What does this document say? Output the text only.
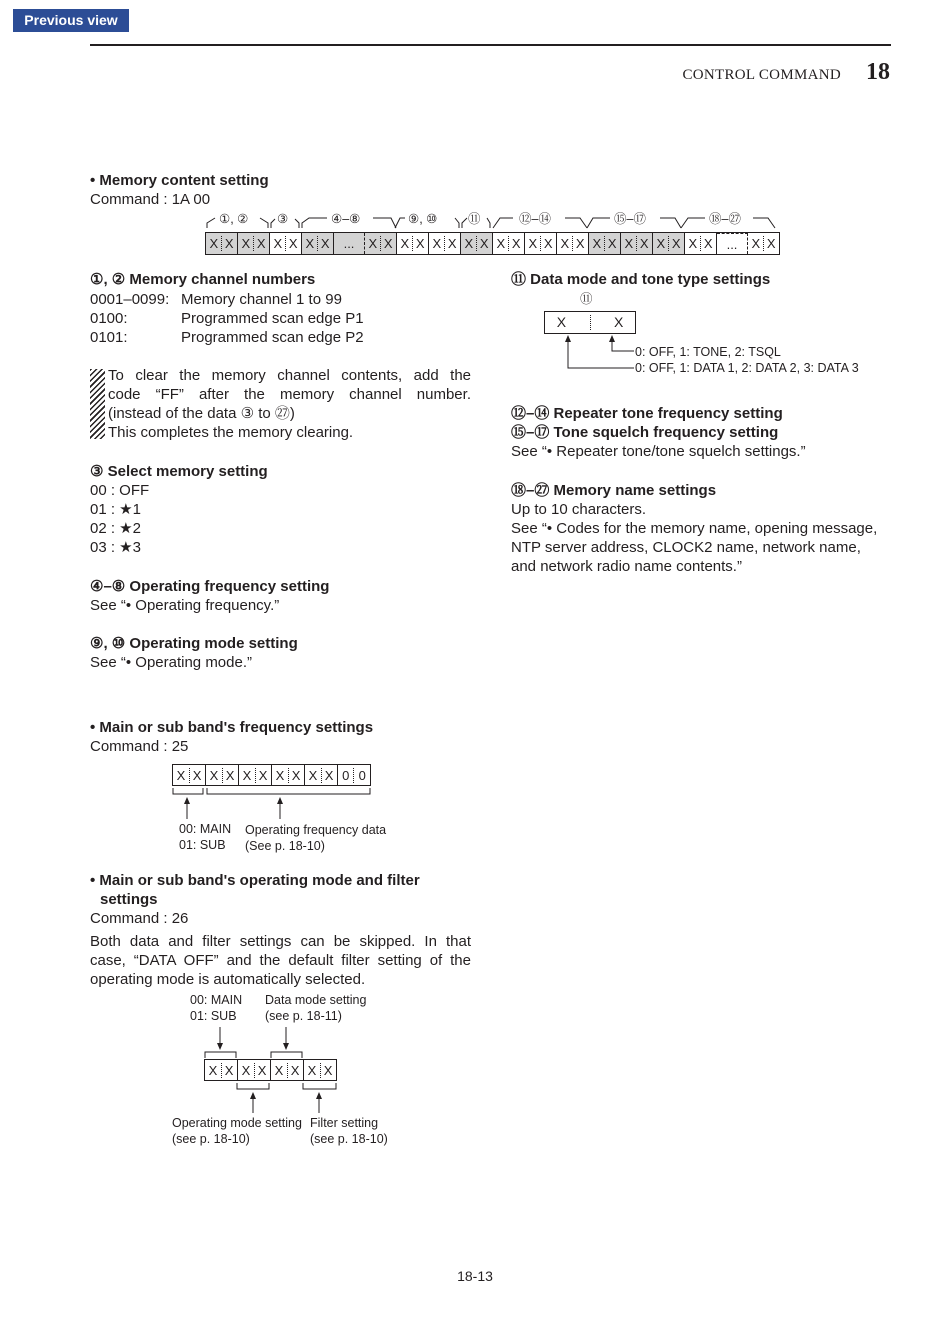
Previous view
CONTROL COMMAND 18
• Memory content setting
Command : 1A 00
①, ② ③	④–⑧	⑨, ⑩ ⑪	⑫–⑭	⑮–⑰	⑱–㉗
X X X X X X X X ... X X X X X X X X X X X X X X X X X X X X X X ... X X
①, ② Memory channel numbers
0001–0099: Memory channel 1 to 99
0100:	Programmed scan edge P1
0101:	Programmed scan edge P2
To clear the memory channel contents, add the
code “FF” after the memory channel number.
(instead of the data ③ to ㉗)
This completes the memory clearing.
③ Select memory setting
00 : OFF
01 : ★1
02 : ★2
03 : ★3
④–⑧ Operating frequency setting
See “• Operating frequency.”
⑨, ⑩ Operating mode setting
See “• Operating mode.”
⑪ Data mode and tone type settings
⑪
X	X
0: OFF, 1: TONE, 2: TSQL
0: OFF, 1: DATA 1, 2: DATA 2, 3: DATA 3
⑫–⑭ Repeater tone frequency setting
⑮–⑰ Tone squelch frequency setting
See “• Repeater tone/tone squelch settings.”
⑱–㉗ Memory name settings
Up to 10 characters.
See “• Codes for the memory name, opening message,
NTP server address, CLOCK2 name, network name,
and network radio name contents.”
• Main or sub band's frequency settings
Command : 25
X X X X X X X X X X 0 0
00: MAIN
01: SUB
Operating frequency data
(See p. 18-10)
• Main or sub band's operating mode and filter
settings
Command : 26
Both data and filter settings can be skipped. In that
case, “DATA OFF” and the default filter setting of the
operating mode is automatically selected.
00: MAIN
01: SUB
Data mode setting
(see p. 18-11)
X X X X X X X X
Operating mode setting
(see p. 18-10)
Filter setting
(see p. 18-10)
18-13
